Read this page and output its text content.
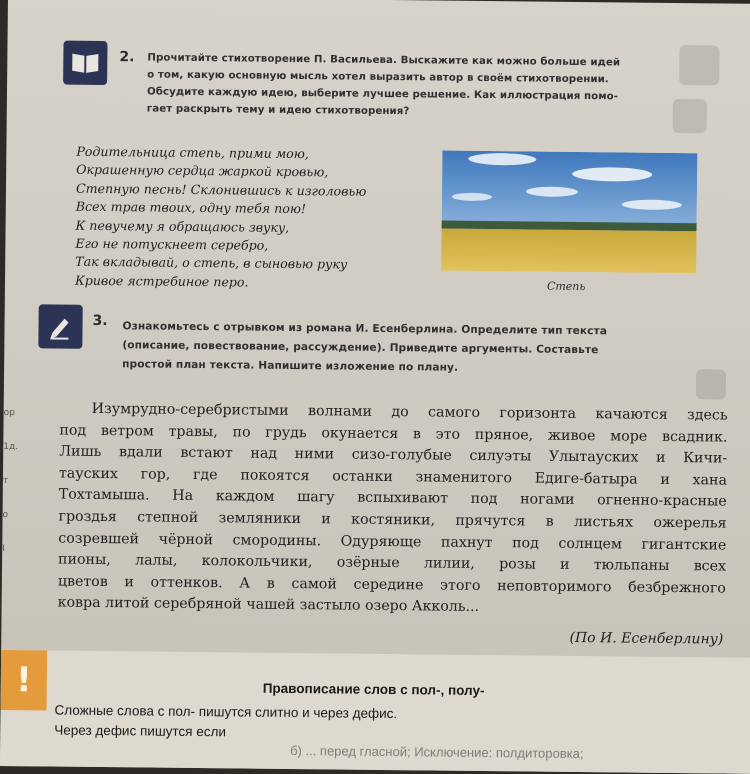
ор
1д.
т
о
I
2. Прочитайте стихотворение П. Васильева. Выскажите как можно больше идей
о том, какую основную мысль хотел выразить автор в своём стихотворении.
Обсудите каждую идею, выберите лучшее решение. Как иллюстрация помо-
гает раскрыть тему и идею стихотворения?
Родительница степь, прими мою,
Окрашенную сердца жаркой кровью,
Степную песнь! Склонившись к изголовью
Всех трав твоих, одну тебя пою!
К певучему я обращаюсь звуку,
Его не потускнеет серебро,
Так вкладывай, о степь, в сыновью руку
Кривое ястребиное перо.	Степь
3. Ознакомьтесь с отрывком из романа И. Есенберлина. Определите тип текста
(описание, повествование, рассуждение). Приведите аргументы. Составьте
простой план текста. Напишите изложение по плану.
Изумрудно-серебристыми волнами до самого горизонта качаются здесь
под ветром травы, по грудь окунается в это пряное, живое море всадник.
Лишь вдали встают над ними сизо-голубые силуэты Улытауских и Кичи-
тауских гор, где покоятся останки знаменитого Едиге-батыра и хана
Тохтамыша. На каждом шагу вспыхивают под ногами огненно-красные
гроздья степной земляники и костяники, прячутся в листьях ожерелья
созревшей чёрной смородины. Одуряюще пахнут под солнцем гигантские
пионы, лалы, колокольчики, озёрные лилии, розы и тюльпаны всех
цветов и оттенков. А в самой середине этого неповторимого безбрежного
ковра литой серебряной чашей застыло озеро Акколь...
(По И. Есенберлину)
!	Правописание слов с пол-, полу-
Сложные слова с пол- пишутся слитно и через дефис.
Через дефис пишутся если
б) ... перед гласной; Исключение: полдиторовка;
